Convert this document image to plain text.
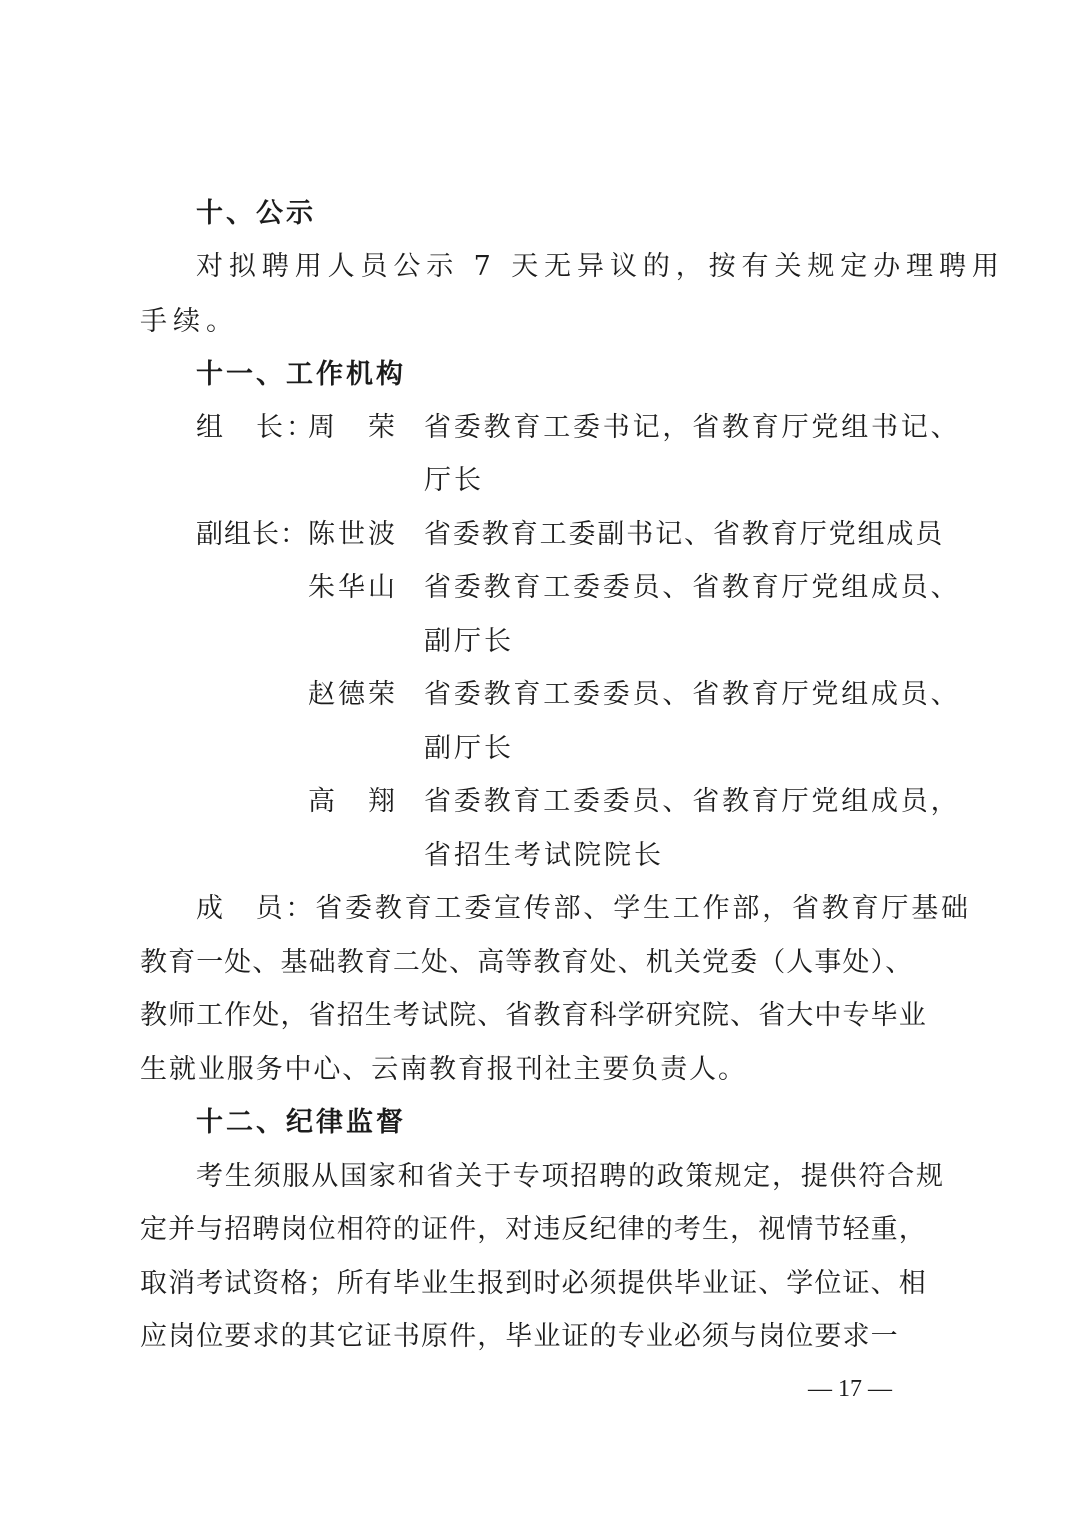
十、公示
对拟聘用人员公示 7 天无异议的，按有关规定办理聘用
手续。
十一、工作机构
组　长：
周　荣 省委教育工委书记，省教育厅党组书记、
厅长
副组长： 陈世波 省委教育工委副书记、省教育厅党组成员
朱华山 省委教育工委委员、省教育厅党组成员、
副厅长
赵德荣 省委教育工委委员、省教育厅党组成员、
副厅长
高　翔 省委教育工委委员、省教育厅党组成员，
省招生考试院院长
成　员：省委教育工委宣传部、学生工作部，省教育厅基础
教育一处、基础教育二处、高等教育处、机关党委（人事处）、
教师工作处，省招生考试院、省教育科学研究院、省大中专毕业
生就业服务中心、云南教育报刊社主要负责人。
十二、纪律监督
考生须服从国家和省关于专项招聘的政策规定，提供符合规
定并与招聘岗位相符的证件，对违反纪律的考生，视情节轻重，
取消考试资格；所有毕业生报到时必须提供毕业证、学位证、相
应岗位要求的其它证书原件，毕业证的专业必须与岗位要求一
— 17 —
